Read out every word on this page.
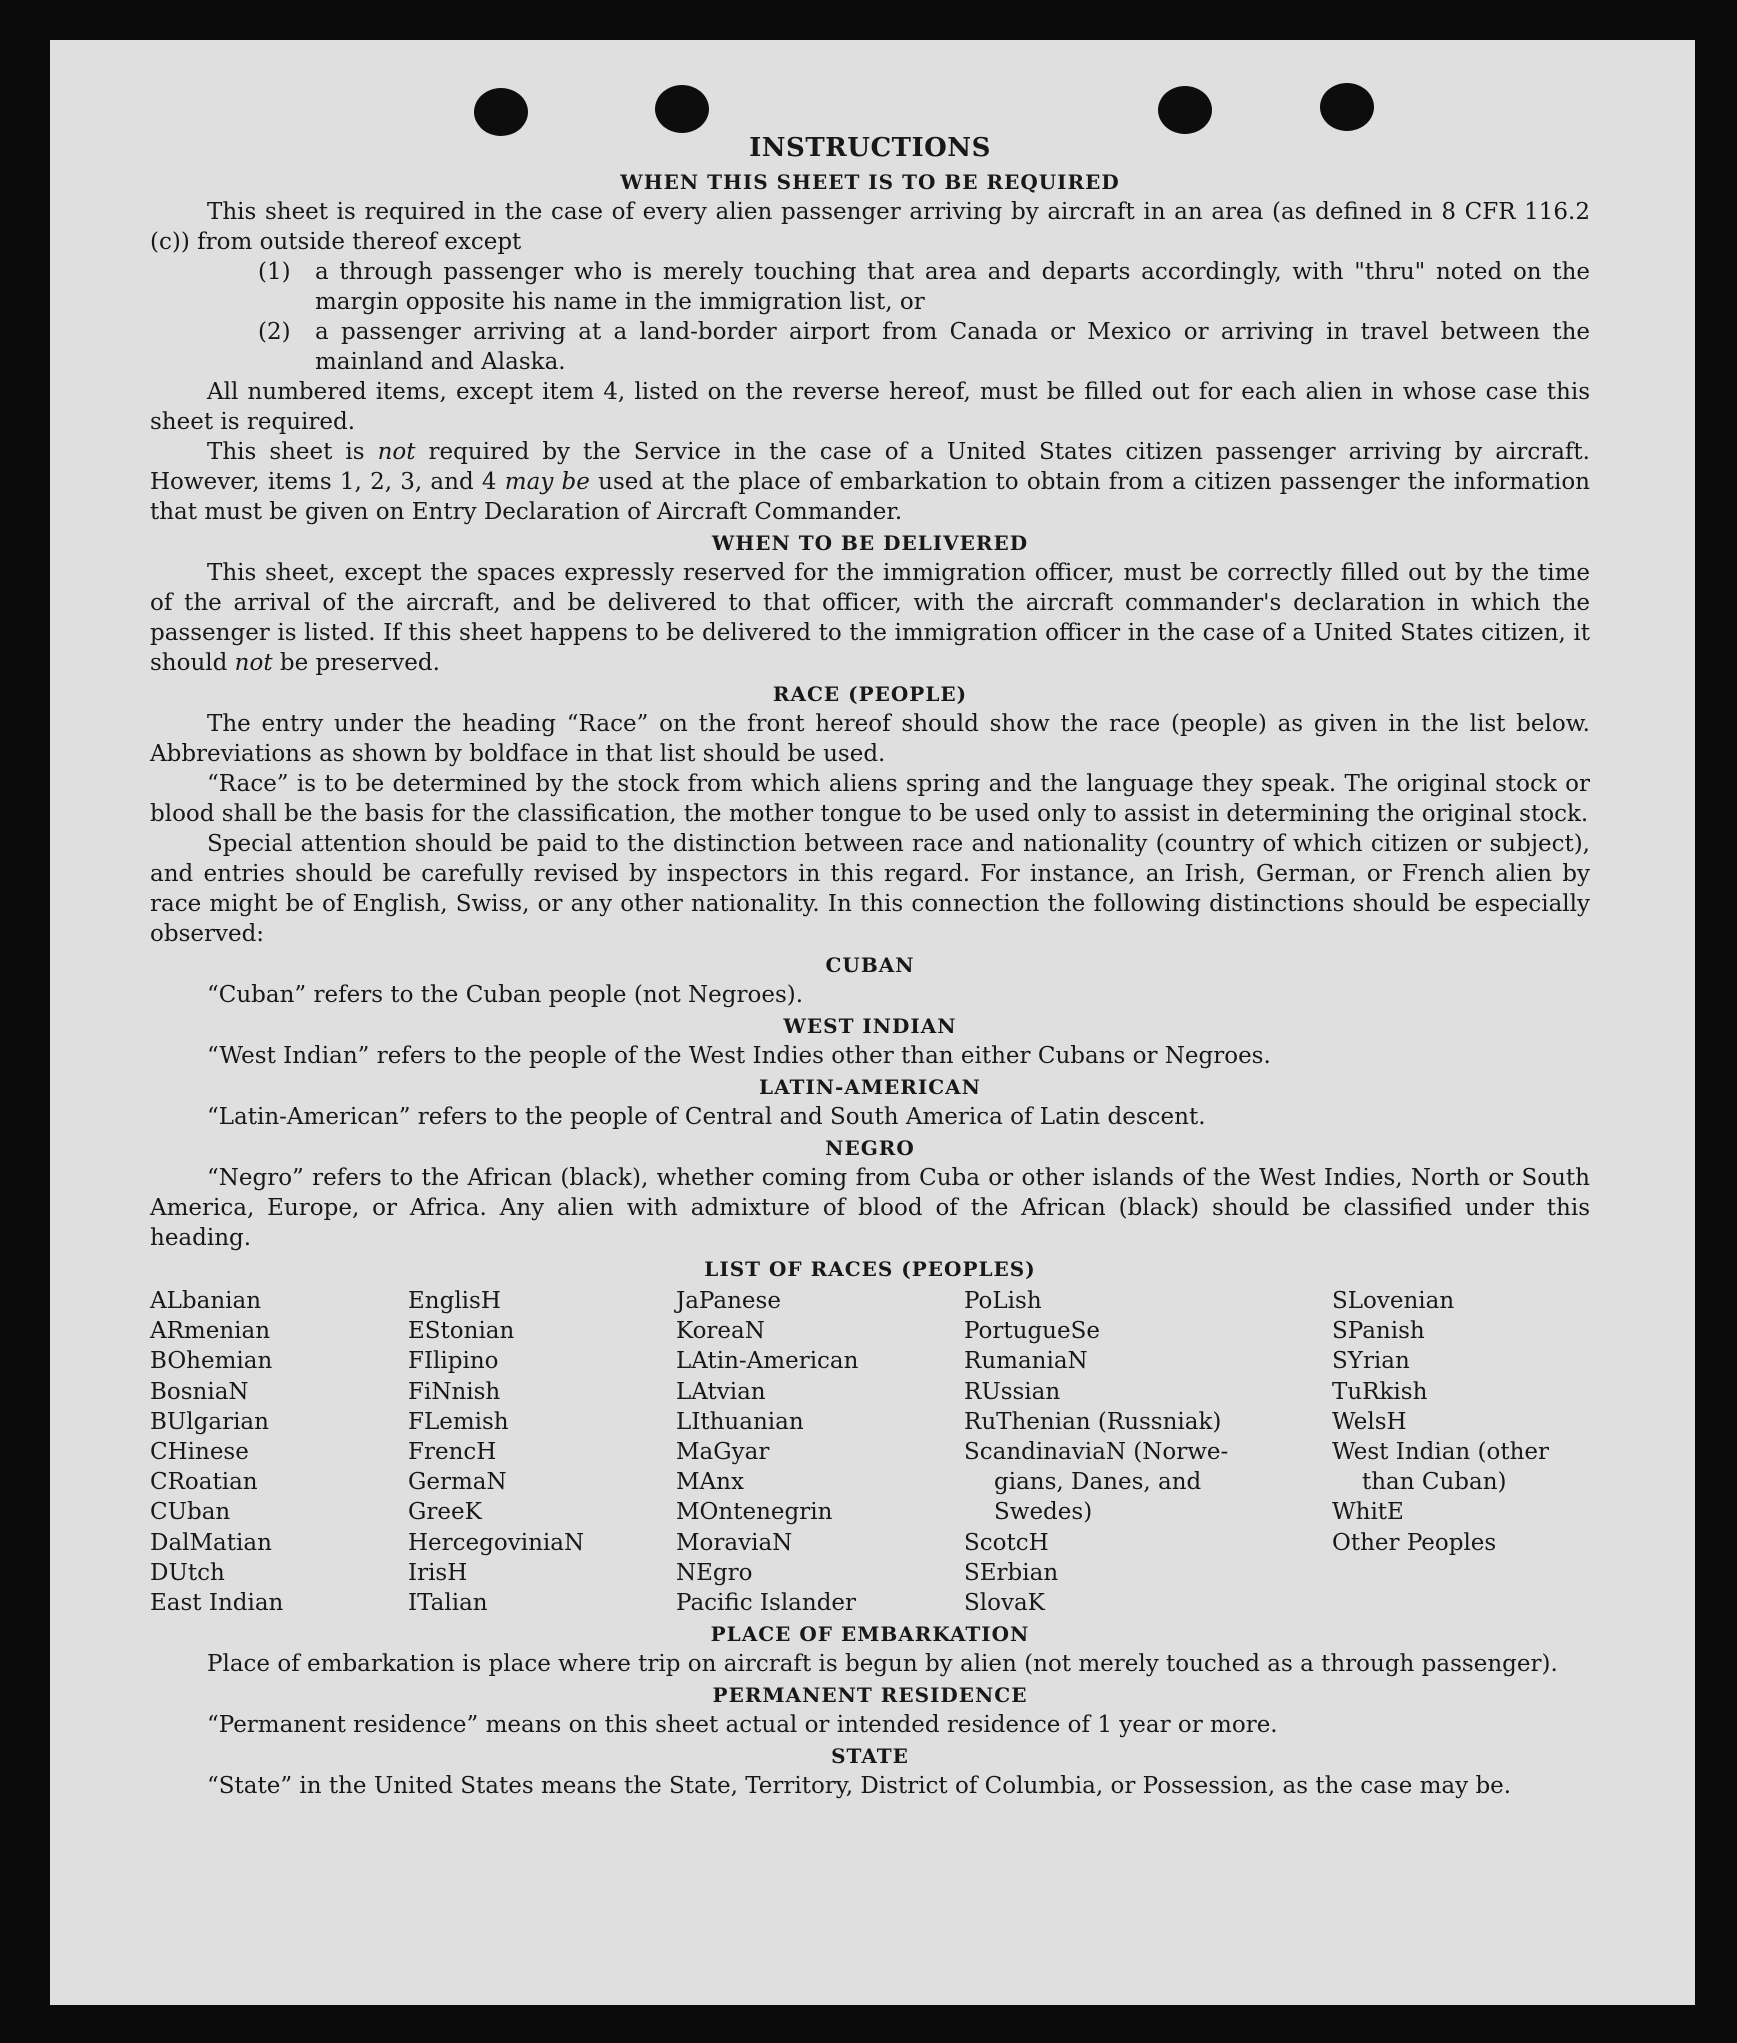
INSTRUCTIONS
WHEN THIS SHEET IS TO BE REQUIRED

This sheet is required in the case of every alien passenger arriving by aircraft in an area (as defined in 8 CFR 116.2 (c)) from outside thereof except

(1)	a through passenger who is merely touching that area and departs accordingly, with "thru" noted on the margin opposite his name in the immigration list, or
(2)	a passenger arriving at a land-border airport from Canada or Mexico or arriving in travel between the mainland and Alaska.

All numbered items, except item 4, listed on the reverse hereof, must be filled out for each alien in whose case this sheet is required.

This sheet is not required by the Service in the case of a United States citizen passenger arriving by aircraft. However, items 1, 2, 3, and 4 may be used at the place of embarkation to obtain from a citizen passenger the information that must be given on Entry Declaration of Aircraft Commander.

WHEN TO BE DELIVERED

This sheet, except the spaces expressly reserved for the immigration officer, must be correctly filled out by the time of the arrival of the aircraft, and be delivered to that officer, with the aircraft commander's declaration in which the passenger is listed. If this sheet happens to be delivered to the immigration officer in the case of a United States citizen, it should not be preserved.

RACE (PEOPLE)

The entry under the heading “Race” on the front hereof should show the race (people) as given in the list below. Abbreviations as shown by boldface in that list should be used.

“Race” is to be determined by the stock from which aliens spring and the language they speak. The original stock or blood shall be the basis for the classification, the mother tongue to be used only to assist in determining the original stock.

Special attention should be paid to the distinction between race and nationality (country of which citizen or subject), and entries should be carefully revised by inspectors in this regard. For instance, an Irish, German, or French alien by race might be of English, Swiss, or any other nationality. In this connection the following distinctions should be especially observed:

CUBAN

“Cuban” refers to the Cuban people (not Negroes).

WEST INDIAN

“West Indian” refers to the people of the West Indies other than either Cubans or Negroes.

LATIN-AMERICAN

“Latin-American” refers to the people of Central and South America of Latin descent.

NEGRO

“Negro” refers to the African (black), whether coming from Cuba or other islands of the West Indies, North or South America, Europe, or Africa. Any alien with admixture of blood of the African (black) should be classified under this heading.

LIST OF RACES (PEOPLES)
ALbanian
ARmenian
BOhemian
BosniaN
BUlgarian
CHinese
CRoatian
CUban
DalMatian
DUtch
East Indian
EnglisH
EStonian
FIlipino
FiNnish
FLemish
FrencH
GermaN
GreeK
HercegoviniaN
IrisH
ITalian
JaPanese
KoreaN
LAtin-American
LAtvian
LIthuanian
MaGyar
MAnx
MOntenegrin
MoraviaN
NEgro
Pacific Islander
PoLish
PortugueSe
RumaniaN
RUssian
RuThenian (Russniak)
ScandinaviaN (Norwe-
gians, Danes, and
Swedes)
ScotcH
SErbian
SlovaK
SLovenian
SPanish
SYrian
TuRkish
WelsH
West Indian (other
than Cuban)
WhitE
Other Peoples
PLACE OF EMBARKATION

Place of embarkation is place where trip on aircraft is begun by alien (not merely touched as a through passenger).

PERMANENT RESIDENCE

“Permanent residence” means on this sheet actual or intended residence of 1 year or more.

STATE

“State” in the United States means the State, Territory, District of Columbia, or Possession, as the case may be.
